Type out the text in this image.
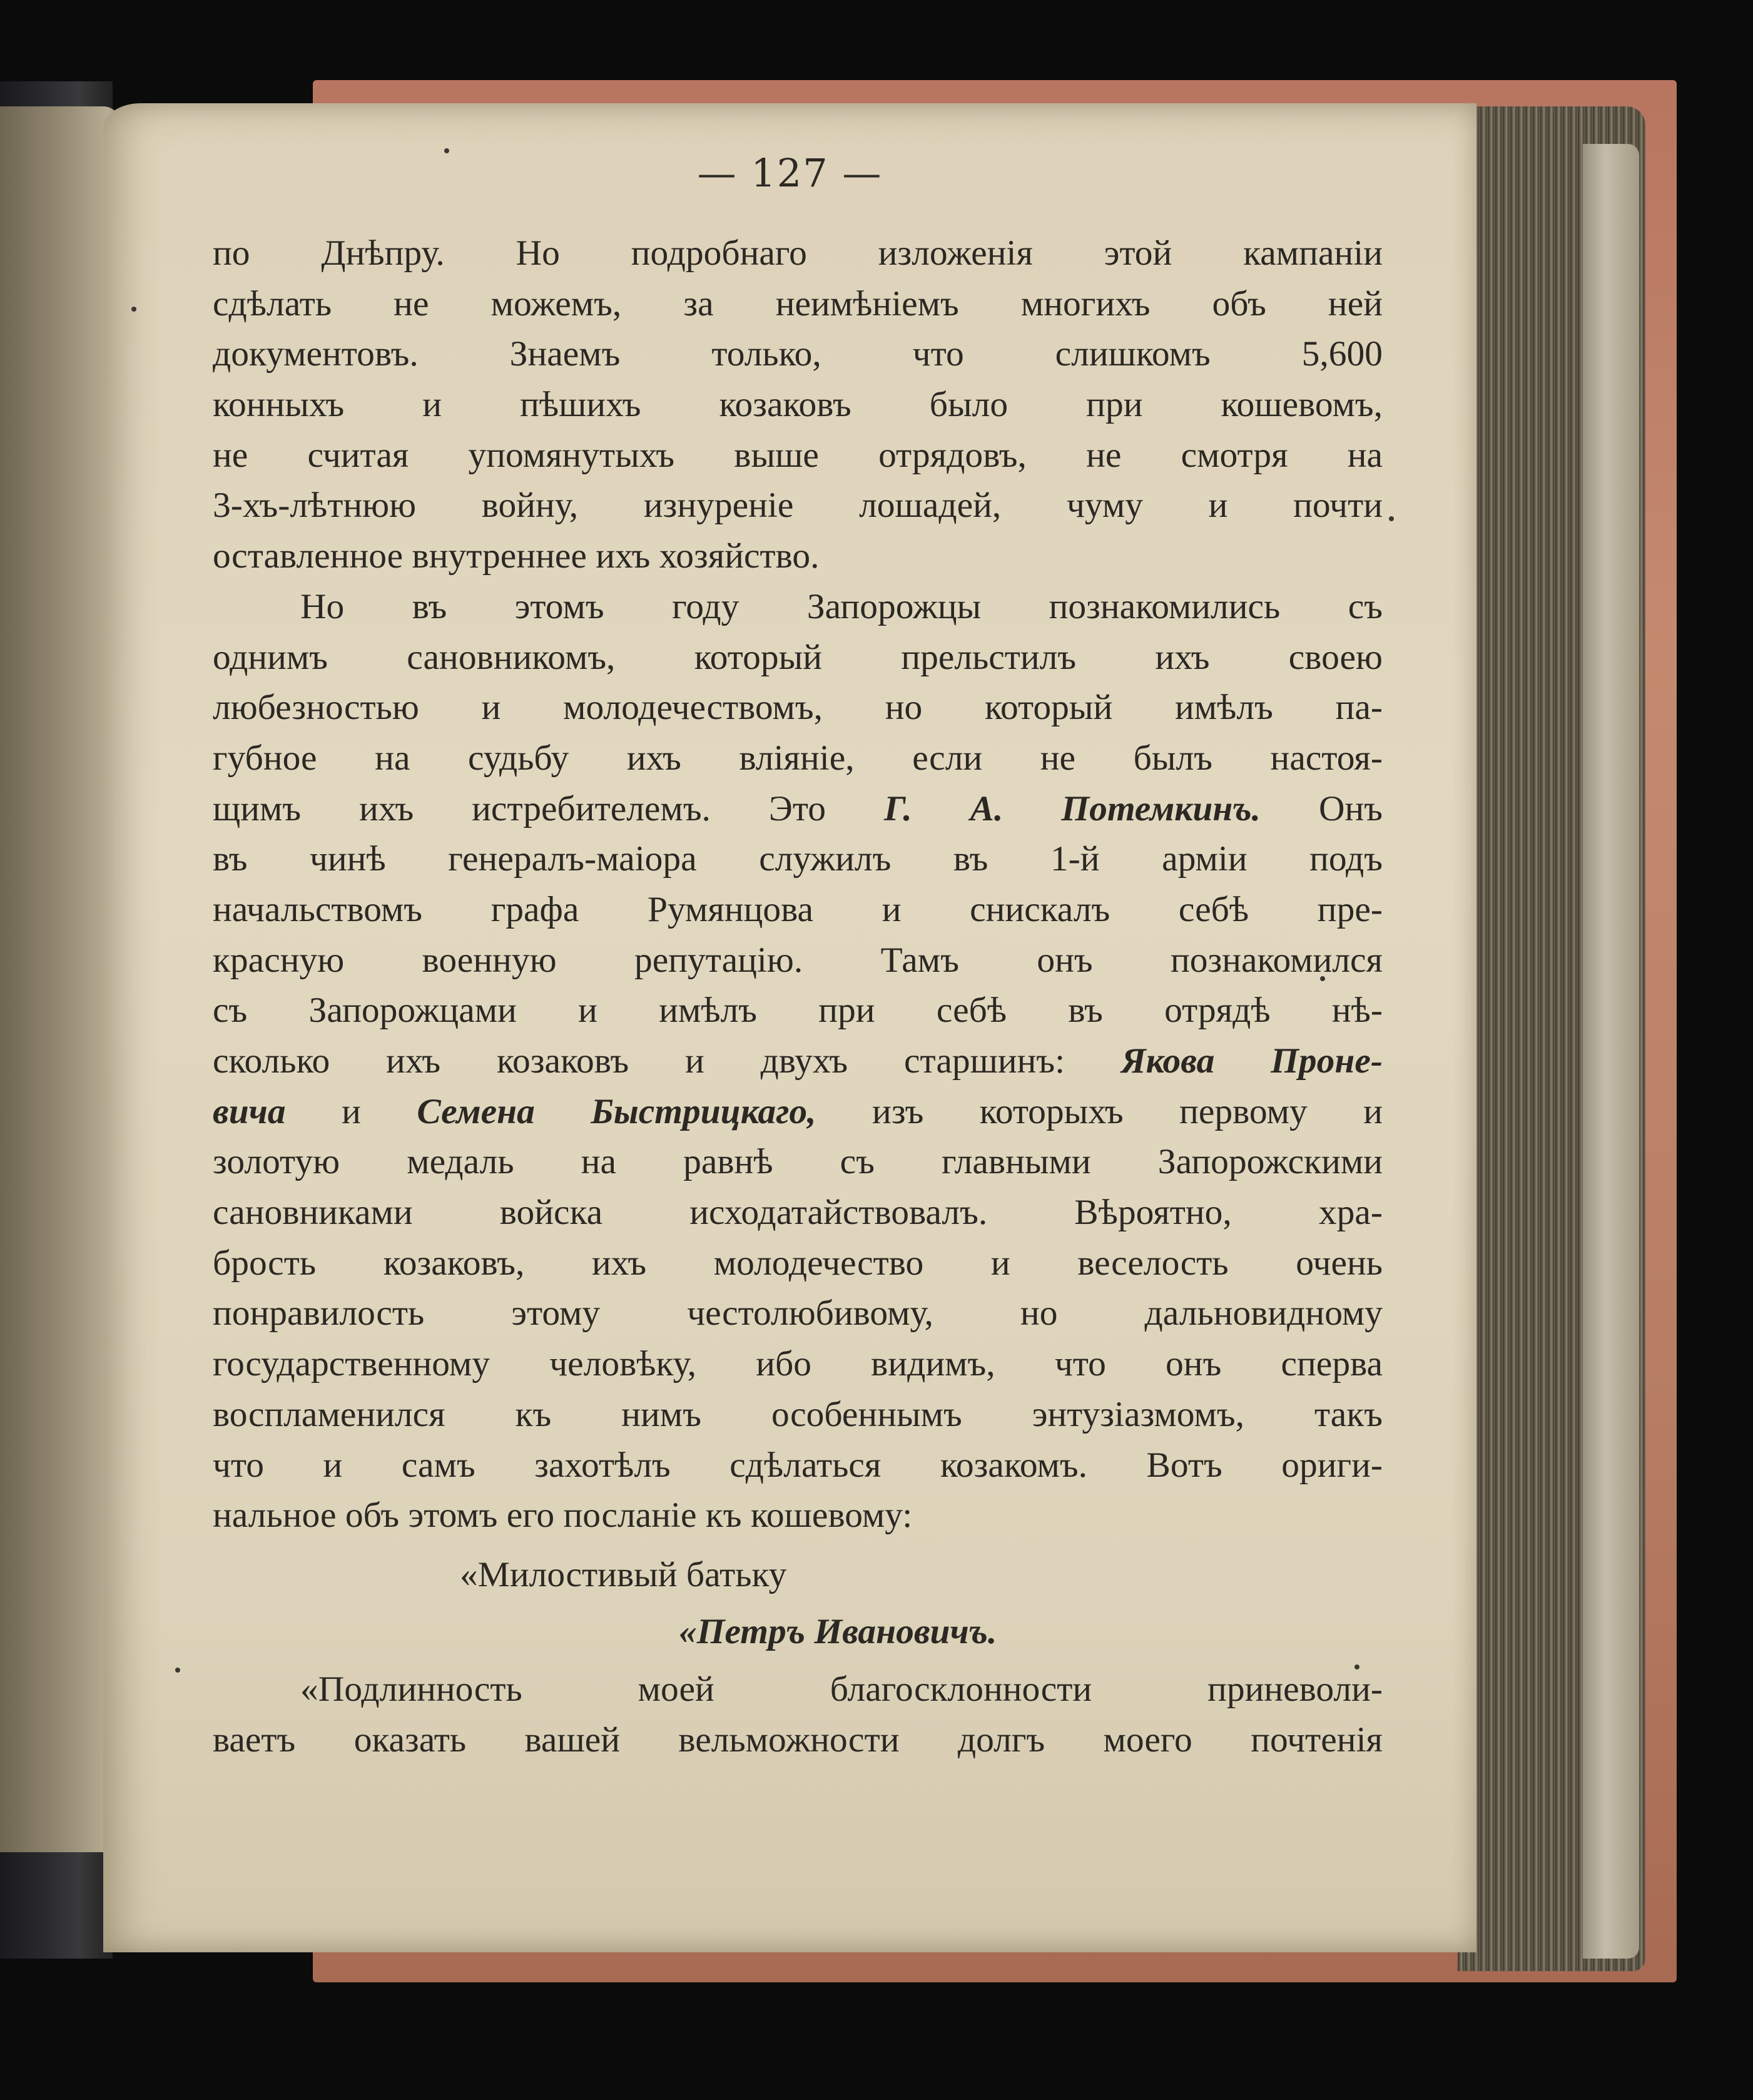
— 127 —
по Днѣпру. Но подробнаго изложенія этой кампаніи
сдѣлать не можемъ, за неимѣніемъ многихъ объ ней
документовъ. Знаемъ только, что слишкомъ 5,600
конныхъ и пѣшихъ козаковъ было при кошевомъ,
не считая упомянутыхъ выше отрядовъ, не смотря на
3-хъ-лѣтнюю войну, изнуреніе лошадей, чуму и почти
оставленное внутреннее ихъ хозяйство.
Но въ этомъ году Запорожцы познакомились съ
однимъ сановникомъ, который прельстилъ ихъ своею
любезностью и молодечествомъ, но который имѣлъ па-
губное на судьбу ихъ вліяніе, если не былъ настоя-
щимъ ихъ истребителемъ. Это Г. А. Потемкинъ. Онъ
въ чинѣ генералъ-маіора служилъ въ 1-й арміи подъ
начальствомъ графа Румянцова и снискалъ себѣ пре-
красную военную репутацію. Тамъ онъ познакомился
съ Запорожцами и имѣлъ при себѣ въ отрядѣ нѣ-
сколько ихъ козаковъ и двухъ старшинъ: Якова Проне-
вича и Семена Быстрицкаго, изъ которыхъ первому и
золотую медаль на равнѣ съ главными Запорожскими
сановниками войска исходатайствовалъ. Вѣроятно, хра-
брость козаковъ, ихъ молодечество и веселость очень
понравилость этому честолюбивому, но дальновидному
государственному человѣку, ибо видимъ, что онъ сперва
воспламенился къ нимъ особеннымъ энтузіазмомъ, такъ
что и самъ захотѣлъ сдѣлаться козакомъ. Вотъ ориги-
нальное объ этомъ его посланіе къ кошевому:
«Милостивый батьку
«Петръ Ивановичъ.
«Подлинность моей благосклонности приневоли-
ваетъ оказать вашей вельможности долгъ моего почтенія
